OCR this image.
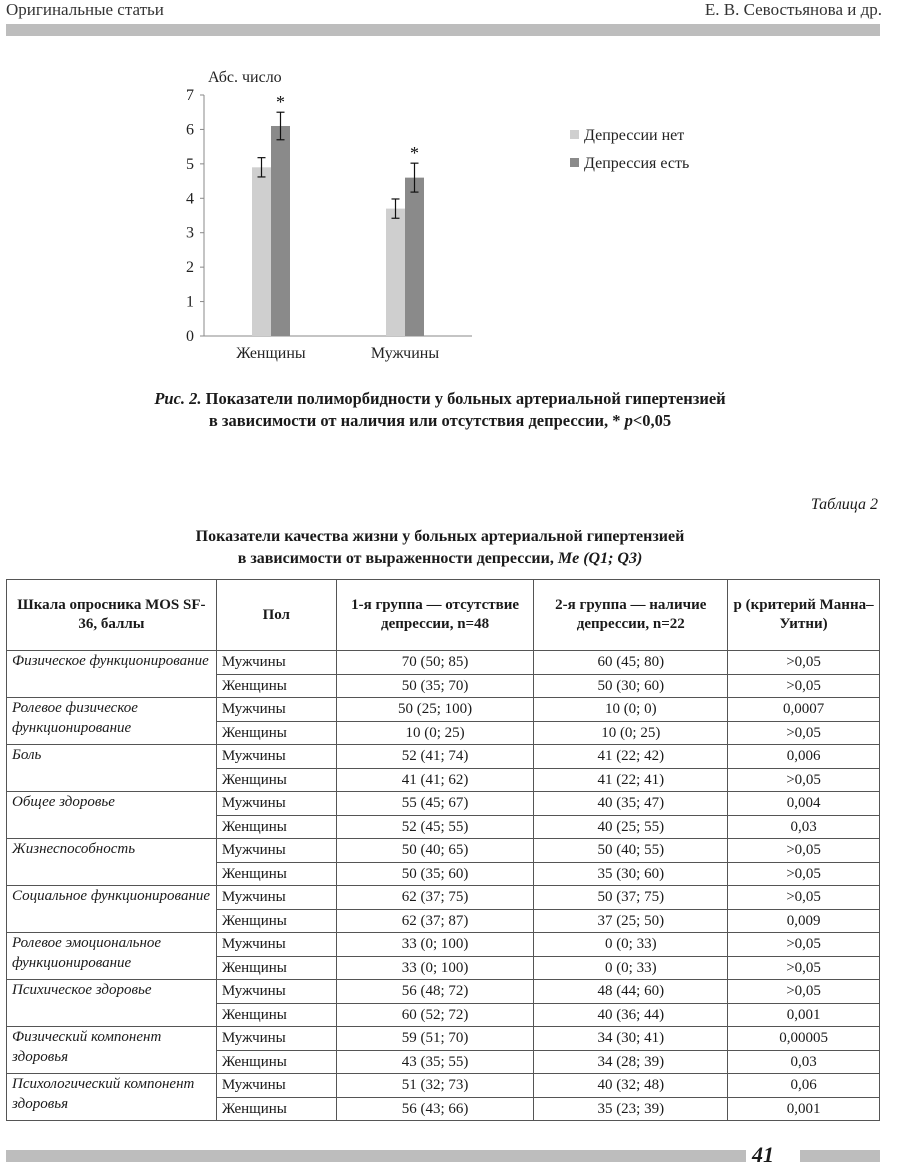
Оригинальные статьи	Е. В. Севостьянова и др.
Абс. число
0
1
2
3
4
5
6
7
Женщины
*
Мужчины
*
Депрессии нет
Депрессия есть
Рис. 2. Показатели полиморбидности у больных артериальной гипертензией
в зависимости от наличия или отсутствия депрессии, * p<0,05
Таблица 2
Показатели качества жизни у больных артериальной гипертензией
в зависимости от выраженности депрессии, Me (Q1; Q3)
Шкала опросника MOS SF-36, баллы	Пол	1-я группа — отсутствие депрессии, n=48	2-я группа — наличие депрессии, n=22	p (критерий Манна–Уитни)
Физическое функционирование	Мужчины	70 (50; 85)	60 (45; 80)	>0,05
	Женщины	50 (35; 70)	50 (30; 60)	>0,05
Ролевое физическое функционирование	Мужчины	50 (25; 100)	10 (0; 0)	0,0007
	Женщины	10 (0; 25)	10 (0; 25)	>0,05
Боль	Мужчины	52 (41; 74)	41 (22; 42)	0,006
	Женщины	41 (41; 62)	41 (22; 41)	>0,05
Общее здоровье	Мужчины	55 (45; 67)	40 (35; 47)	0,004
	Женщины	52 (45; 55)	40 (25; 55)	0,03
Жизнеспособность	Мужчины	50 (40; 65)	50 (40; 55)	>0,05
	Женщины	50 (35; 60)	35 (30; 60)	>0,05
Социальное функционирование	Мужчины	62 (37; 75)	50 (37; 75)	>0,05
	Женщины	62 (37; 87)	37 (25; 50)	0,009
Ролевое эмоциональное функционирование	Мужчины	33 (0; 100)	0 (0; 33)	>0,05
	Женщины	33 (0; 100)	0 (0; 33)	>0,05
Психическое здоровье	Мужчины	56 (48; 72)	48 (44; 60)	>0,05
	Женщины	60 (52; 72)	40 (36; 44)	0,001
Физический компонент здоровья	Мужчины	59 (51; 70)	34 (30; 41)	0,00005
	Женщины	43 (35; 55)	34 (28; 39)	0,03
Психологический компонент здоровья	Мужчины	51 (32; 73)	40 (32; 48)	0,06
	Женщины	56 (43; 66)	35 (23; 39)	0,001
41
